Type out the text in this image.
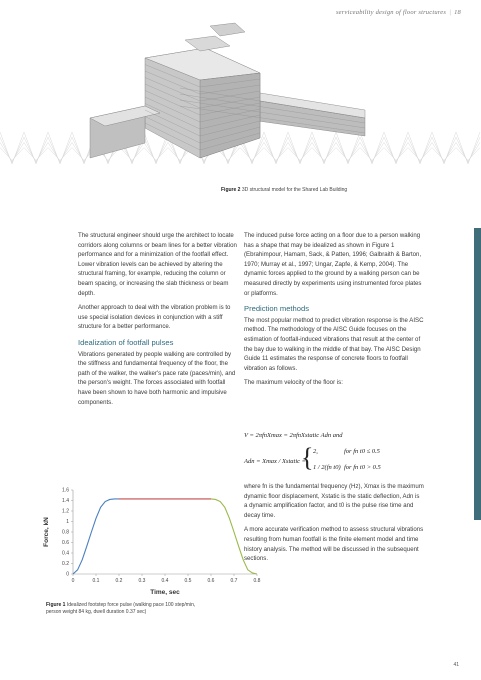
serviceability design of floor structures | 18
Figure 2 3D structural model for the Shared Lab Building

The structural engineer should urge the architect to locate corridors along columns or beam lines for a better vibration performance and for a minimization of the footfall effect. Lower vibration levels can be achieved by altering the structural framing, for example, reducing the column or beam spacing, or increasing the slab thickness or beam depth.

Another approach to deal with the vibration problem is to use special isolation devices in conjunction with a stiff structure for a better performance.

Idealization of footfall pulses

Vibrations generated by people walking are controlled by the stiffness and fundamental frequency of the floor, the path of the walker, the walker's pace rate (paces/min), and the person's weight. The forces associated with footfall have been shown to have both harmonic and impulsive components.

The induced pulse force acting on a floor due to a person walking has a shape that may be idealized as shown in Figure 1 (Ebrahimpour, Hamam, Sack, & Patten, 1996; Galbraith & Barton, 1970; Murray et al., 1997; Ungar, Zapfe, & Kemp, 2004). The dynamic forces applied to the ground by a walking person can be measured directly by experiments using instrumented force plates or platforms.

Prediction methods

The most popular method to predict vibration response is the AISC method. The methodology of the AISC Guide focuses on the estimation of footfall-induced vibrations that result at the center of the bay due to walking in the middle of that bay. The AISC Design Guide 11 estimates the response of concrete floors to footfall vibration as follows.

The maximum velocity of the floor is:

V = 2πfnXmax = 2πfnXstatic Adn and
Adn = Xmax / Xstatic =
{ 2,	for fn t0 ≤ 0.5
1 / 2(fn t0) for fn t0 > 0.5

where fn is the fundamental frequency (Hz), Xmax is the maximum dynamic floor displacement, Xstatic is the static deflection, Adn is a dynamic amplification factor, and t0 is the pulse rise time and decay time.

A more accurate verification method to assess structural vibrations resulting from human footfall is the finite element model and time history analysis. The method will be discussed in the subsequent sections.

0	0.1	0.2	0.3	0.4	0.5	0.6	0.7	0.8
0
0.2
0.4
0.6
0.8
1
1.2
1.4
1.6
Time, sec
Force, kN
Figure 1 Idealized footstep force pulse (walking pace 100 step/min,
person weight 84 kg, dwell duration 0.37 sec)
41
